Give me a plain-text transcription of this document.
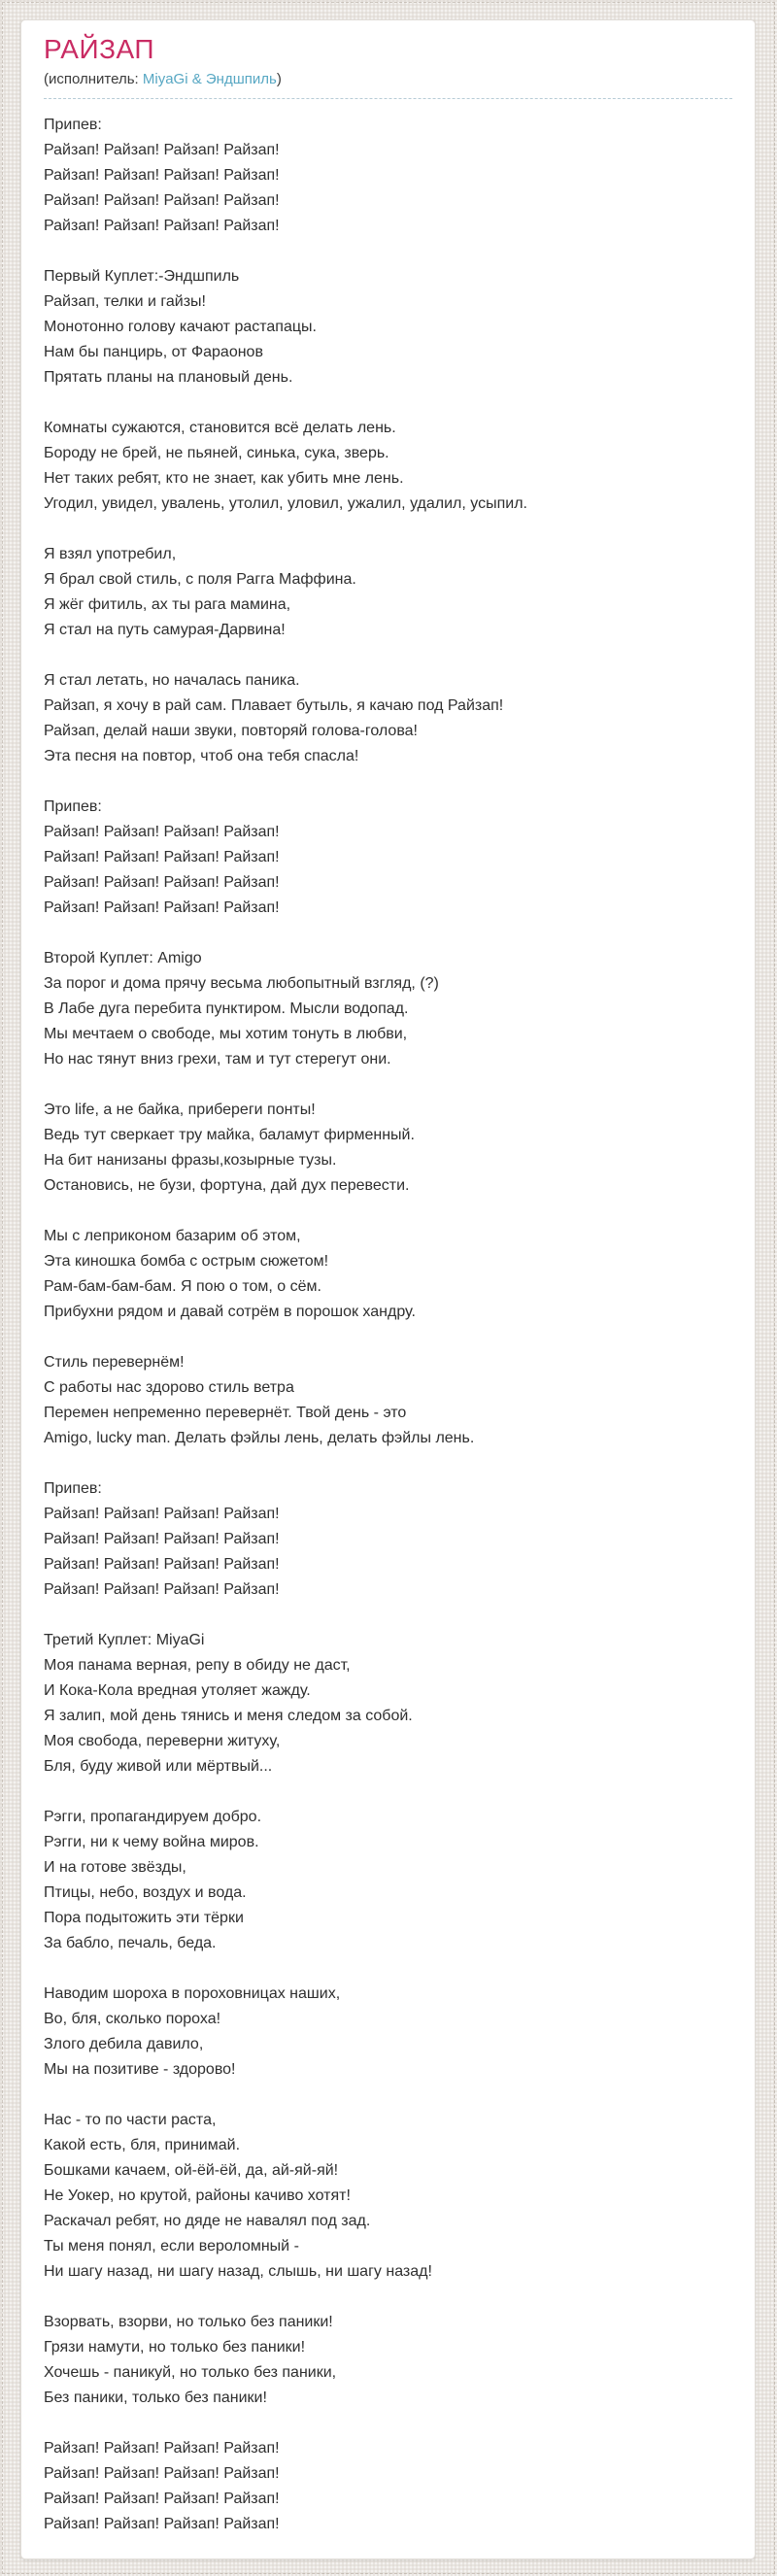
РАЙЗАП
(исполнитель: MiyaGi & Эндшпиль)
Припев:
Райзап! Райзап! Райзап! Райзап!
Райзап! Райзап! Райзап! Райзап!
Райзап! Райзап! Райзап! Райзап!
Райзап! Райзап! Райзап! Райзап!
Первый Куплет:-Эндшпиль
Райзап, телки и гайзы!
Монотонно голову качают растапацы.
Нам бы панцирь, от Фараонов
Прятать планы на плановый день.
Комнаты сужаются, становится всё делать лень.
Бороду не брей, не пьяней, синька, сука, зверь.
Нет таких ребят, кто не знает, как убить мне лень.
Угодил, увидел, увалень, утолил, уловил, ужалил, удалил, усыпил.
Я взял употребил,
Я брал свой стиль, с поля Рагга Маффина.
Я жёг фитиль, ах ты рага мамина,
Я стал на путь самурая-Дарвина!
Я стал летать, но началась паника.
Райзап, я хочу в рай сам. Плавает бутыль, я качаю под Райзап!
Райзап, делай наши звуки, повторяй голова-голова!
Эта песня на повтор, чтоб она тебя спасла!
Припев:
Райзап! Райзап! Райзап! Райзап!
Райзап! Райзап! Райзап! Райзап!
Райзап! Райзап! Райзап! Райзап!
Райзап! Райзап! Райзап! Райзап!
Второй Куплет: Amigo
За порог и дома прячу весьма любопытный взгляд, (?)
В Лабе дуга перебита пунктиром. Мысли водопад.
Мы мечтаем о свободе, мы хотим тонуть в любви,
Но нас тянут вниз грехи, там и тут стерегут они.
Это life, а не байка, прибереги понты!
Ведь тут сверкает тру майка, баламут фирменный.
На бит нанизаны фразы,козырные тузы.
Остановись, не бузи, фортуна, дай дух перевести.
Мы с леприконом базарим об этом,
Эта киношка бомба с острым сюжетом!
Рам-бам-бам-бам. Я пою о том, о сём.
Прибухни рядом и давай сотрём в порошок хандру.
Стиль перевернём!
С работы нас здорово стиль ветра
Перемен непременно перевернёт. Твой день - это
Amigo, lucky man. Делать фэйлы лень, делать фэйлы лень.
Припев:
Райзап! Райзап! Райзап! Райзап!
Райзап! Райзап! Райзап! Райзап!
Райзап! Райзап! Райзап! Райзап!
Райзап! Райзап! Райзап! Райзап!
Третий Куплет: MiyaGi
Моя панама верная, репу в обиду не даст,
И Кока-Кола вредная утоляет жажду.
Я залип, мой день тянись и меня следом за собой.
Моя свобода, переверни житуху,
Бля, буду живой или мёртвый...
Рэгги, пропагандируем добро.
Рэгги, ни к чему война миров.
И на готове звёзды,
Птицы, небо, воздух и вода.
Пора подытожить эти тёрки
За бабло, печаль, беда.
Наводим шороха в пороховницах наших,
Во, бля, сколько пороха!
Злого дебила давило,
Мы на позитиве - здорово!
Нас - то по части раста,
Какой есть, бля, принимай.
Бошками качаем, ой-ёй-ёй, да, ай-яй-яй!
Не Уокер, но крутой, районы качиво хотят!
Раскачал ребят, но дяде не навалял под зад.
Ты меня понял, если вероломный -
Ни шагу назад, ни шагу назад, слышь, ни шагу назад!
Взорвать, взорви, но только без паники!
Грязи намути, но только без паники!
Хочешь - паникуй, но только без паники,
Без паники, только без паники!
Райзап! Райзап! Райзап! Райзап!
Райзап! Райзап! Райзап! Райзап!
Райзап! Райзап! Райзап! Райзап!
Райзап! Райзап! Райзап! Райзап!
